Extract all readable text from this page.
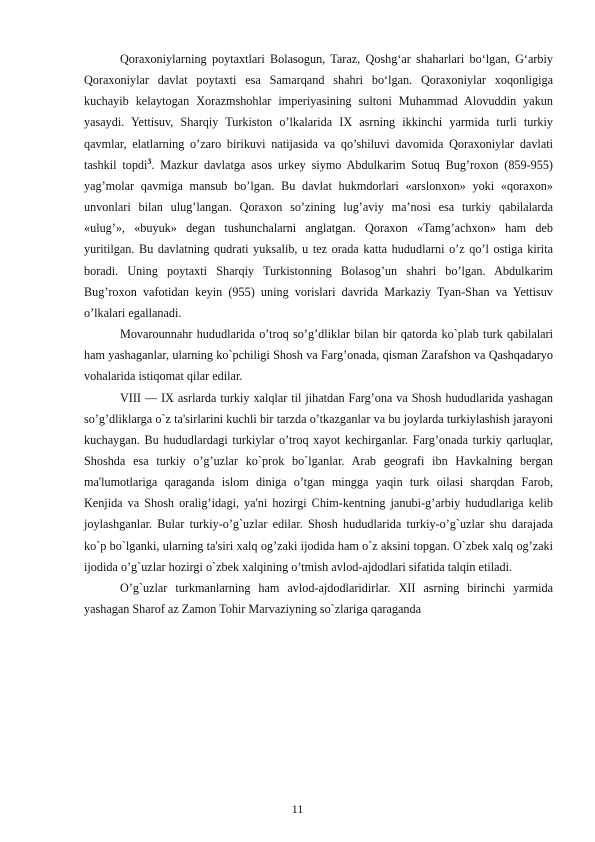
Qoraxoniylarning poytaxtlari Bolasogun, Taraz, Qoshg‘ar shaharlari bo‘lgan, G‘arbiy Qoraxoniylar davlat poytaxti esa Samarqand shahri bo‘lgan. Qoraxoniylar xoqonligiga kuchayib kelaytogan Xorazmshohlar imperiyasining sultoni Muhammad Alovuddin yakun yasaydi. Yettisuv, Sharqiy Turkiston o’lkalarida IX asrning ikkinchi yarmida turli turkiy qavmlar, elatlarning o’zaro birikuvi natijasida va qo’shiluvi davomida Qoraxoniylar davlati tashkil topdi$^3$. Mazkur davlatga asos urkey siymo Abdulkarim Sotuq Bug’roxon (859-955) yag’molar qavmiga mansub bo’lgan. Bu davlat hukmdorlari «arslonxon» yoki «qoraxon» unvonlari bilan ulug’langan. Qoraxon so’zining lug’aviy ma’nosi esa turkiy qabilalarda «ulug’», «buyuk» degan tushunchalarni anglatgan. Qoraxon «Tamg’achxon» ham deb yuritilgan. Bu davlatning qudrati yuksalib, u tez orada katta hududlarni o’z qo’l ostiga kirita boradi. Uning poytaxti Sharqiy Turkistonning Bolasog’un shahri bo’lgan. Abdulkarim Bug’roxon vafotidan keyin (955) uning vorislari davrida Markaziy Tyan-Shan va Yettisuv o’lkalari egallanadi.

Movarounnahr hududlarida o’troq so’g’dliklar bilan bir qatorda ko`plab turk qabilalari ham yashaganlar, ularning ko`pchiligi Shosh va Farg’onada, qisman Zarafshon va Qashqadaryo vohalarida istiqomat qilar edilar.

VIII — IX asrlarda turkiy xalqlar til jihatdan Farg’ona va Shosh hududlarida yashagan so’g’dliklarga o`z ta'sirlarini kuchli bir tarzda o’tkazganlar va bu joylarda turkiylashish jarayoni kuchaygan. Bu hududlardagi turkiylar o’troq xayot kechirganlar. Farg’onada turkiy qarluqlar, Shoshda esa turkiy o’g’uzlar ko`prok bo`lganlar. Arab geografi ibn Havkalning bergan ma'lumotlariga qaraganda islom diniga o’tgan mingga yaqin turk oilasi sharqdan Farob, Kenjida va Shosh oralig’idagi, ya'ni hozirgi Chim-kentning janubi-g’arbiy hududlariga kelib joylashganlar. Bular turkiy-o’g`uzlar edilar. Shosh hududlarida turkiy-o’g`uzlar shu darajada ko`p bo`lganki, ularning ta'siri xalq og’zaki ijodida ham o`z aksini topgan. O`zbek xalq og’zaki ijodida o’g`uzlar hozirgi o`zbek xalqining o’tmish avlod-ajdodlari sifatida talqin etiladi.

O’g`uzlar turkmanlarning ham avlod-ajdodlaridirlar. XII asrning birinchi yarmida yashagan Sharof az Zamon Tohir Marvaziyning so`zlariga qaraganda

11
